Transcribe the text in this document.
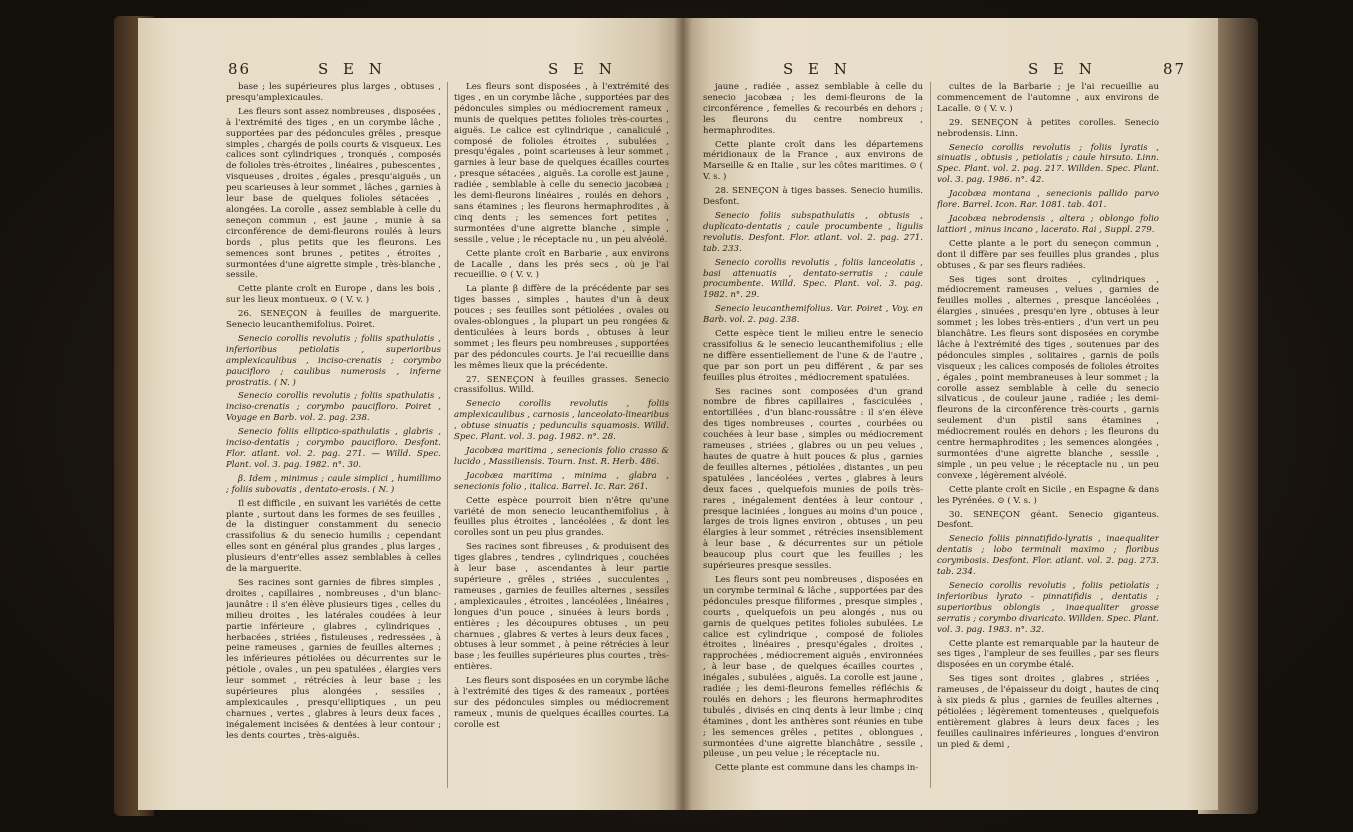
86	S E N	S E N

base ; les supérieures plus larges , obtuses , presqu'amplexicaules.

Les fleurs sont assez nombreuses , disposées , à l'extrémité des tiges , en un corymbe lâche , supportées par des pédoncules grêles , presque simples , chargés de poils courts & visqueux. Les calices sont cylindriques , tronqués , composés de folioles très-étroites , linéaires , pubescentes , visqueuses , droites , égales , presqu'aiguës , un peu scarieuses à leur sommet , lâches , garnies à leur base de quelques folioles sétacées , alongées. La corolle , assez semblable à celle du seneçon commun , est jaune , munie à sa circonférence de demi-fleurons roulés à leurs bords , plus petits que les fleurons. Les semences sont brunes , petites , étroites , surmontées d'une aigrette simple , très-blanche , sessile.

Cette plante croît en Europe , dans les bois , sur les lieux montueux. ⊙ ( V. v. )

26. SENEÇON à feuilles de marguerite. Senecio leucanthemifolius. Poiret.

Senecio corollis revolutis ; foliis spathulatis , inferioribus petiolatis , superioribus amplexicaulibus , inciso-crenatis ; corymbo paucifloro ; caulibus numerosis , inferne prostratis. ( N. )

Senecio corollis revolutis ; foliis spathulatis , inciso-crenatis ; corymbo paucifloro. Poiret , Voyage en Barb. vol. 2. pag. 238.

Senecio foliis elliptico-spathulatis , glabris , inciso-dentatis ; corymbo paucifloro. Desfont. Flor. atlant. vol. 2. pag. 271. — Willd. Spec. Plant. vol. 3. pag. 1982. n°. 30.

β. Idem , minimus ; caule simplici , humillimo ; foliis subovatis , dentato-erosis. ( N. )

Il est difficile , en suivant les variétés de cette plante , surtout dans les formes de ses feuilles , de la distinguer constamment du senecio crassifolius & du senecio humilis ; cependant elles sont en général plus grandes , plus larges , plusieurs d'entr'elles assez semblables à celles de la marguerite.

Ses racines sont garnies de fibres simples , droites , capillaires , nombreuses , d'un blanc-jaunâtre : il s'en élève plusieurs tiges , celles du milieu droites , les latérales coudées à leur partie inférieure , glabres , cylindriques , herbacées , striées , fistuleuses , redressées , à peine rameuses , garnies de feuilles alternes ; les inférieures pétiolées ou décurrentes sur le pétiole , ovales , un peu spatulées , élargies vers leur sommet , rétrécies à leur base ; les supérieures plus alongées , sessiles , amplexicaules , presqu'elliptiques , un peu charnues , vertes , glabres à leurs deux faces , inégalement incisées & dentées à leur contour ; les dents courtes , très-aiguës.

Les fleurs sont disposées , à l'extrémité des tiges , en un corymbe lâche , supportées par des pédoncules simples ou médiocrement rameux , munis de quelques petites folioles très-courtes , aiguës. Le calice est cylindrique , canaliculé , composé de folioles étroites , subulées , presqu'égales , point scarieuses à leur sommet , garnies à leur base de quelques écailles courtes , presque sétacées , aiguës. La corolle est jaune , radiée , semblable à celle du senecio jacobæa ; les demi-fleurons linéaires , roulés en dehors , sans étamines ; les fleurons hermaphrodites , à cinq dents ; les semences fort petites , surmontées d'une aigrette blanche , simple , sessile , velue ; le réceptacle nu , un peu alvéolé.

Cette plante croît en Barbarie , aux environs de Lacalle , dans les prés secs , où je l'ai recueillie. ⊙ ( V. v. )

La plante β diffère de la précédente par ses tiges basses , simples , hautes d'un à deux pouces ; ses feuilles sont pétiolées , ovales ou ovales-oblongues , la plupart un peu rongées & denticulées à leurs bords , obtuses à leur sommet ; les fleurs peu nombreuses , supportées par des pédoncules courts. Je l'ai recueillie dans les mêmes lieux que la précédente.

27. SENEÇON à feuilles grasses. Senecio crassifolius. Willd.

Senecio corollis revolutis , foliis amplexicaulibus , carnosis , lanceolato-linearibus , obtuse sinuatis ; pedunculis squamosis. Willd. Spec. Plant. vol. 3. pag. 1982. n°. 28.

Jacobæa maritima , senecionis folio crasso & lucido , Massiliensis. Tourn. Inst. R. Herb. 486.

Jacobæa maritima , minima , glabra , senecionis folio , italica. Barrel. Ic. Rar. 261.

Cette espèce pourroit bien n'être qu'une variété de mon senecio leucanthemifolius , à feuilles plus étroites , lancéolées , & dont les corolles sont un peu plus grandes.

Ses racines sont fibreuses , & produisent des tiges glabres , tendres , cylindriques , couchées à leur base , ascendantes à leur partie supérieure , grêles , striées , succulentes , rameuses , garnies de feuilles alternes , sessiles , amplexicaules , étroites , lancéolées , linéaires , longues d'un pouce , sinuées à leurs bords , entières ; les découpures obtuses , un peu charnues , glabres & vertes à leurs deux faces , obtuses à leur sommet , à peine rétrécies à leur base ; les feuilles supérieures plus courtes , très-entières.

Les fleurs sont disposées en un corymbe lâche à l'extrémité des tiges & des rameaux , portées sur des pédoncules simples ou médiocrement rameux , munis de quelques écailles courtes. La corolle est

S E N	S E N	87

jaune , radiée , assez semblable à celle du senecio jacobæa ; les demi-fleurons de la circonférence , femelles & recourbés en dehors ; les fleurons du centre nombreux , hermaphrodites.

Cette plante croît dans les départemens méridionaux de la France , aux environs de Marseille & en Italie , sur les côtes maritimes. ⊙ ( V. s. )

28. SENEÇON à tiges basses. Senecio humilis. Desfont.

Senecio foliis subspathulatis , obtusis , duplicato-dentatis ; caule procumbente , ligulis revolutis. Desfont. Flor. atlant. vol. 2. pag. 271. tab. 233.

Senecio corollis revolutis , foliis lanceolatis , basi attenuatis , dentato-serratis ; caule procumbente. Willd. Spec. Plant. vol. 3. pag. 1982. n°. 29.

Senecio leucanthemifolius. Var. Poiret , Voy. en Barb. vol. 2. pag. 238.

Cette espèce tient le milieu entre le senecio crassifolius & le senecio leucanthemifolius ; elle ne diffère essentiellement de l'une & de l'autre , que par son port un peu différent , & par ses feuilles plus étroites , médiocrement spatulées.

Ses racines sont composées d'un grand nombre de fibres capillaires , fasciculées , entortillées , d'un blanc-roussâtre : il s'en élève des tiges nombreuses , courtes , courbées ou couchées à leur base , simples ou médiocrement rameuses , striées , glabres ou un peu velues , hautes de quatre à huit pouces & plus , garnies de feuilles alternes , pétiolées , distantes , un peu spatulées , lancéolées , vertes , glabres à leurs deux faces , quelquefois munies de poils très-rares , inégalement dentées à leur contour , presque laciniées , longues au moins d'un pouce , larges de trois lignes environ , obtuses , un peu élargies à leur sommet , rétrécies insensiblement à leur base , & décurrentes sur un pétiole beaucoup plus court que les feuilles ; les supérieures presque sessiles.

Les fleurs sont peu nombreuses , disposées en un corymbe terminal & lâche , supportées par des pédoncules presque filiformes , presque simples , courts , quelquefois un peu alongés , nus ou garnis de quelques petites folioles subulées. Le calice est cylindrique , composé de folioles étroites , linéaires , presqu'égales , droites , rapprochées , médiocrement aiguës , environnées , à leur base , de quelques écailles courtes , inégales , subulées , aiguës. La corolle est jaune , radiée ; les demi-fleurons femelles réfléchis & roulés en dehors ; les fleurons hermaphrodites tubulés , divisés en cinq dents à leur limbe ; cinq étamines , dont les anthères sont réunies en tube ; les semences grêles , petites , oblongues , surmontées d'une aigrette blanchâtre , sessile , pileuse , un peu velue ; le réceptacle nu.

Cette plante est commune dans les champs in-

cultes de la Barbarie ; je l'ai recueillie au commencement de l'automne , aux environs de Lacalle. ⊙ ( V. v. )

29. SENEÇON à petites corolles. Senecio nebrodensis. Linn.

Senecio corollis revolutis ; foliis lyratis , sinuatis , obtusis , petiolatis ; caule hirsuto. Linn. Spec. Plant. vol. 2. pag. 217. Willden. Spec. Plant. vol. 3. pag. 1986. n°. 42.

Jacobæa montana , senecionis pallido parvo flore. Barrel. Icon. Rar. 1081. tab. 401.

Jacobæa nebrodensis , altera ; oblongo folio lattiori , minus incano , lacerato. Rai , Suppl. 279.

Cette plante a le port du seneçon commun , dont il diffère par ses feuilles plus grandes , plus obtuses , & par ses fleurs radiées.

Ses tiges sont droites , cylindriques , médiocrement rameuses , velues , garnies de feuilles molles , alternes , presque lancéolées , élargies , sinuées , presqu'en lyre , obtuses à leur sommet ; les lobes très-entiers , d'un vert un peu blanchâtre. Les fleurs sont disposées en corymbe lâche à l'extrémité des tiges , soutenues par des pédoncules simples , solitaires , garnis de poils visqueux ; les calices composés de folioles étroites , égales , point membraneuses à leur sommet ; la corolle assez semblable à celle du senecio silvaticus , de couleur jaune , radiée ; les demi-fleurons de la circonférence très-courts , garnis seulement d'un pistil sans étamines , médiocrement roulés en dehors ; les fleurons du centre hermaphrodites ; les semences alongées , surmontées d'une aigrette blanche , sessile , simple , un peu velue ; le réceptacle nu , un peu convexe , légèrement alvéolé.

Cette plante croît en Sicile , en Espagne & dans les Pyrénées. ⊙ ( V. s. )

30. SENEÇON géant. Senecio giganteus. Desfont.

Senecio foliis pinnatifido-lyratis , inaequaliter dentatis ; lobo terminali maximo ; floribus corymbosis. Desfont. Flor. atlant. vol. 2. pag. 273. tab. 234.

Senecio corollis revolutis , foliis petiolatis ; inferioribus lyrato - pinnatifidis , dentatis ; superioribus oblongis , inaequaliter grosse serratis ; corymbo divaricato. Willden. Spec. Plant. vol. 3. pag. 1983. n°. 32.

Cette plante est remarquable par la hauteur de ses tiges , l'ampleur de ses feuilles , par ses fleurs disposées en un corymbe étalé.

Ses tiges sont droites , glabres , striées , rameuses , de l'épaisseur du doigt , hautes de cinq à six pieds & plus , garnies de feuilles alternes , pétiolées ; légèrement tomenteuses , quelquefois entièrement glabres à leurs deux faces ; les feuilles caulinaires inférieures , longues d'environ un pied & demi ,
